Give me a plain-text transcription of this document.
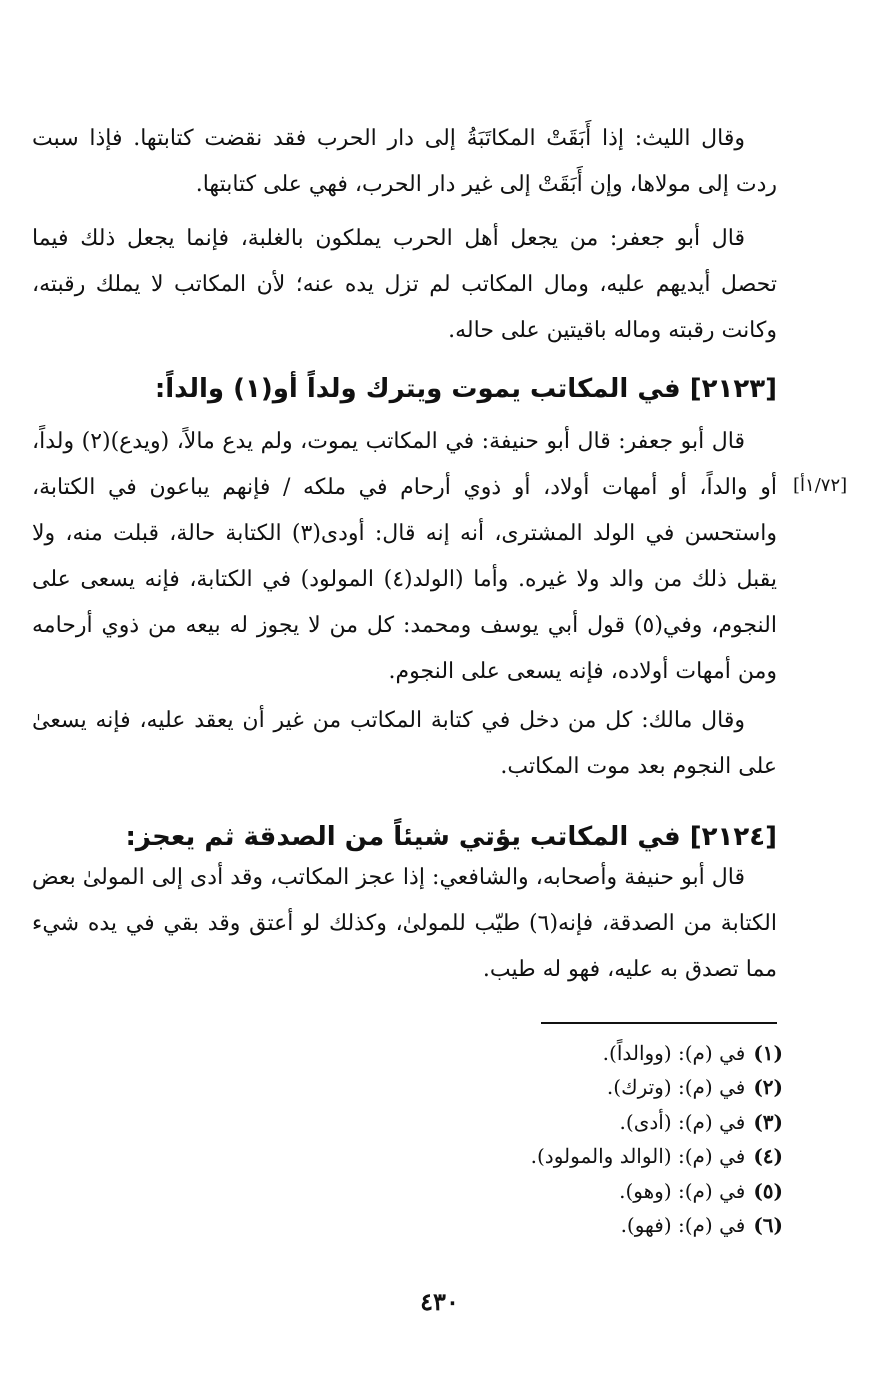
وقال الليث: إذا أَبَقَتْ المكاتَبَةُ إلى دار الحرب فقد نقضت كتابتها. فإذا سبت ردت إلى مولاها، وإن أَبَقَتْ إلى غير دار الحرب، فهي على كتابتها.

قال أبو جعفر: من يجعل أهل الحرب يملكون بالغلبة، فإنما يجعل ذلك فيما تحصل أيديهم عليه، ومال المكاتب لم تزل يده عنه؛ لأن المكاتب لا يملك رقبته، وكانت رقبته وماله باقيتين على حاله.

[٢١٢٣] في المكاتب يموت ويترك ولداً أو(١) والداً:

قال أبو جعفر: قال أبو حنيفة: في المكاتب يموت، ولم يدع مالاً، (ويدع)(٢) ولداً، أو والداً، أو أمهات أولاد، أو ذوي أرحام في ملكه / فإنهم يباعون في الكتابة، واستحسن في الولد المشترى، أنه إنه قال: أودى(٣) الكتابة حالة، قبلت منه، ولا يقبل ذلك من والد ولا غيره. وأما (الولد(٤) المولود) في الكتابة، فإنه يسعى على النجوم، وفي(٥) قول أبي يوسف ومحمد: كل من لا يجوز له بيعه من ذوي أرحامه ومن أمهات أولاده، فإنه يسعى على النجوم.

[١/٧٢أ]

وقال مالك: كل من دخل في كتابة المكاتب من غير أن يعقد عليه، فإنه يسعىٰ على النجوم بعد موت المكاتب.

[٢١٢٤] في المكاتب يؤتي شيئاً من الصدقة ثم يعجز:

قال أبو حنيفة وأصحابه، والشافعي: إذا عجز المكاتب، وقد أدى إلى المولىٰ بعض الكتابة من الصدقة، فإنه(٦) طيّب للمولىٰ، وكذلك لو أعتق وقد بقي في يده شيء مما تصدق به عليه، فهو له طيب.

(١)في (م): (ووالداً).
(٢)في (م): (وترك).
(٣)في (م): (أدى).
(٤)في (م): (الوالد والمولود).
(٥)في (م): (وهو).
(٦)في (م): (فهو).
٤٣٠
